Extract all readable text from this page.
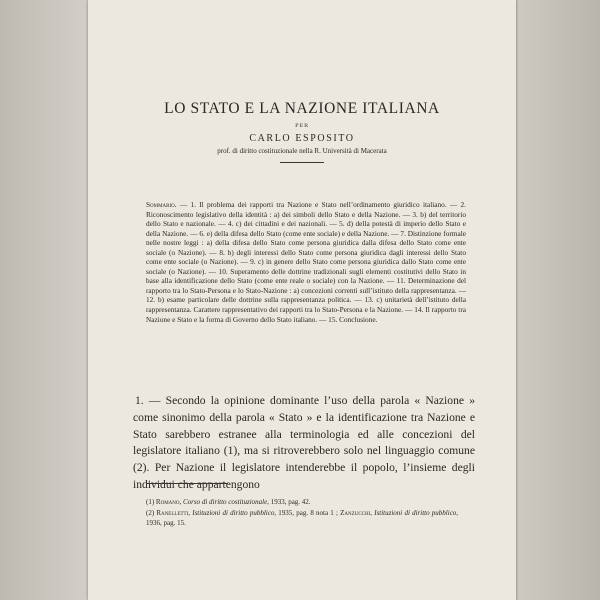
LO STATO E LA NAZIONE ITALIANA
PER
CARLO ESPOSITO
prof. di diritto costituzionale nella R. Università di Macerata
Sommario. — 1. Il problema dei rapporti tra Nazione e Stato nell’ordinamento giuridico italiano. — 2. Riconoscimento legislativo della identità : a) dei simboli dello Stato e della Nazione. — 3. b) del territorio dello Stato e nazionale. — 4. c) dei cittadini e dei nazionali. — 5. d) della potestà di imperio dello Stato e della Nazione. — 6. e) della difesa dello Stato (come ente sociale) e della Nazione. — 7. Distinzione formale nelle nostre leggi : a) della difesa dello Stato come persona giuridica dalla difesa dello Stato come ente sociale (o Nazione). — 8. b) degli interessi dello Stato come persona giuridica dagli interessi dello Stato come ente sociale (o Nazione). — 9. c) in genere dello Stato come persona giuridica dallo Stato come ente sociale (o Nazione). — 10. Superamento delle dottrine tradizionali sugli elementi costitutivi dello Stato in base alla identificazione dello Stato (come ente reale o sociale) con la Nazione. — 11. Determinazione del rapporto tra lo Stato-Persona e lo Stato-Nazione : a) concezioni correnti sull’istituto della rappresentanza. — 12. b) esame particolare delle dottrine sulla rappresentanza politica. — 13. c) unitarietà dell’istituto della rappresentanza. Carattere rappresentativo dei rapporti tra lo Stato-Persona e la Nazione. — 14. Il rapporto tra Nazione e Stato e la forma di Governo dello Stato italiano. — 15. Conclusione.

1. — Secondo la opinione dominante l’uso della parola « Nazione » come sinonimo della parola « Stato » e la identificazione tra Nazione e Stato sarebbero estranee alla terminologia ed alle concezioni del legislatore italiano (1), ma si ritroverebbero solo nel linguaggio comune (2). Per Nazione il legislatore intenderebbe il popolo, l’insieme degli individui che appartengono

(1) Romano, Corso di diritto costituzionale, 1933, pag. 42.
(2) Ranelletti, Istituzioni di diritto pubblico, 1935, pag. 8 nota 1 ; Zanzucchi, Istituzioni di diritto pubblico, 1936, pag. 15.
